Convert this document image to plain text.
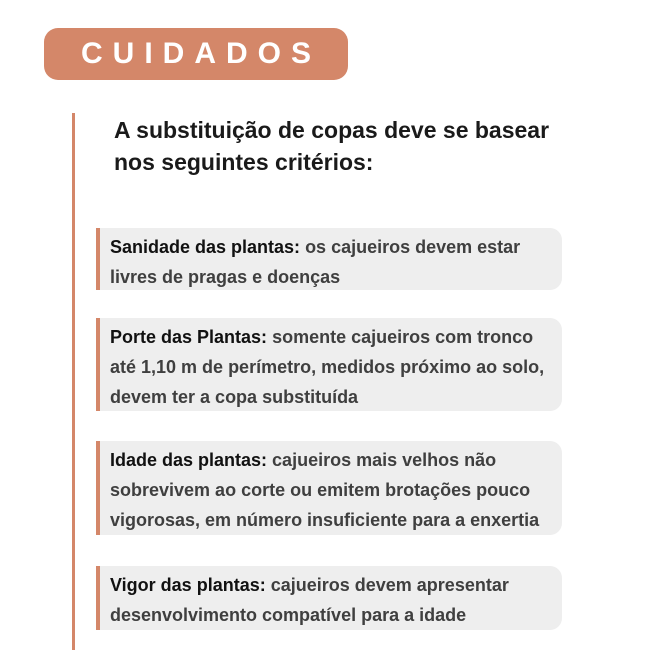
CUIDADOS
A substituição de copas deve se basear nos seguintes critérios:
Sanidade das plantas: os cajueiros devem estar livres de pragas e doenças
Porte das Plantas: somente cajueiros com tronco até 1,10 m de perímetro, medidos próximo ao solo, devem ter a copa substituída
Idade das plantas: cajueiros mais velhos não sobrevivem ao corte ou emitem brotações pouco vigorosas, em número insuficiente para a enxertia
Vigor das plantas: cajueiros devem apresentar desenvolvimento compatível para a idade
